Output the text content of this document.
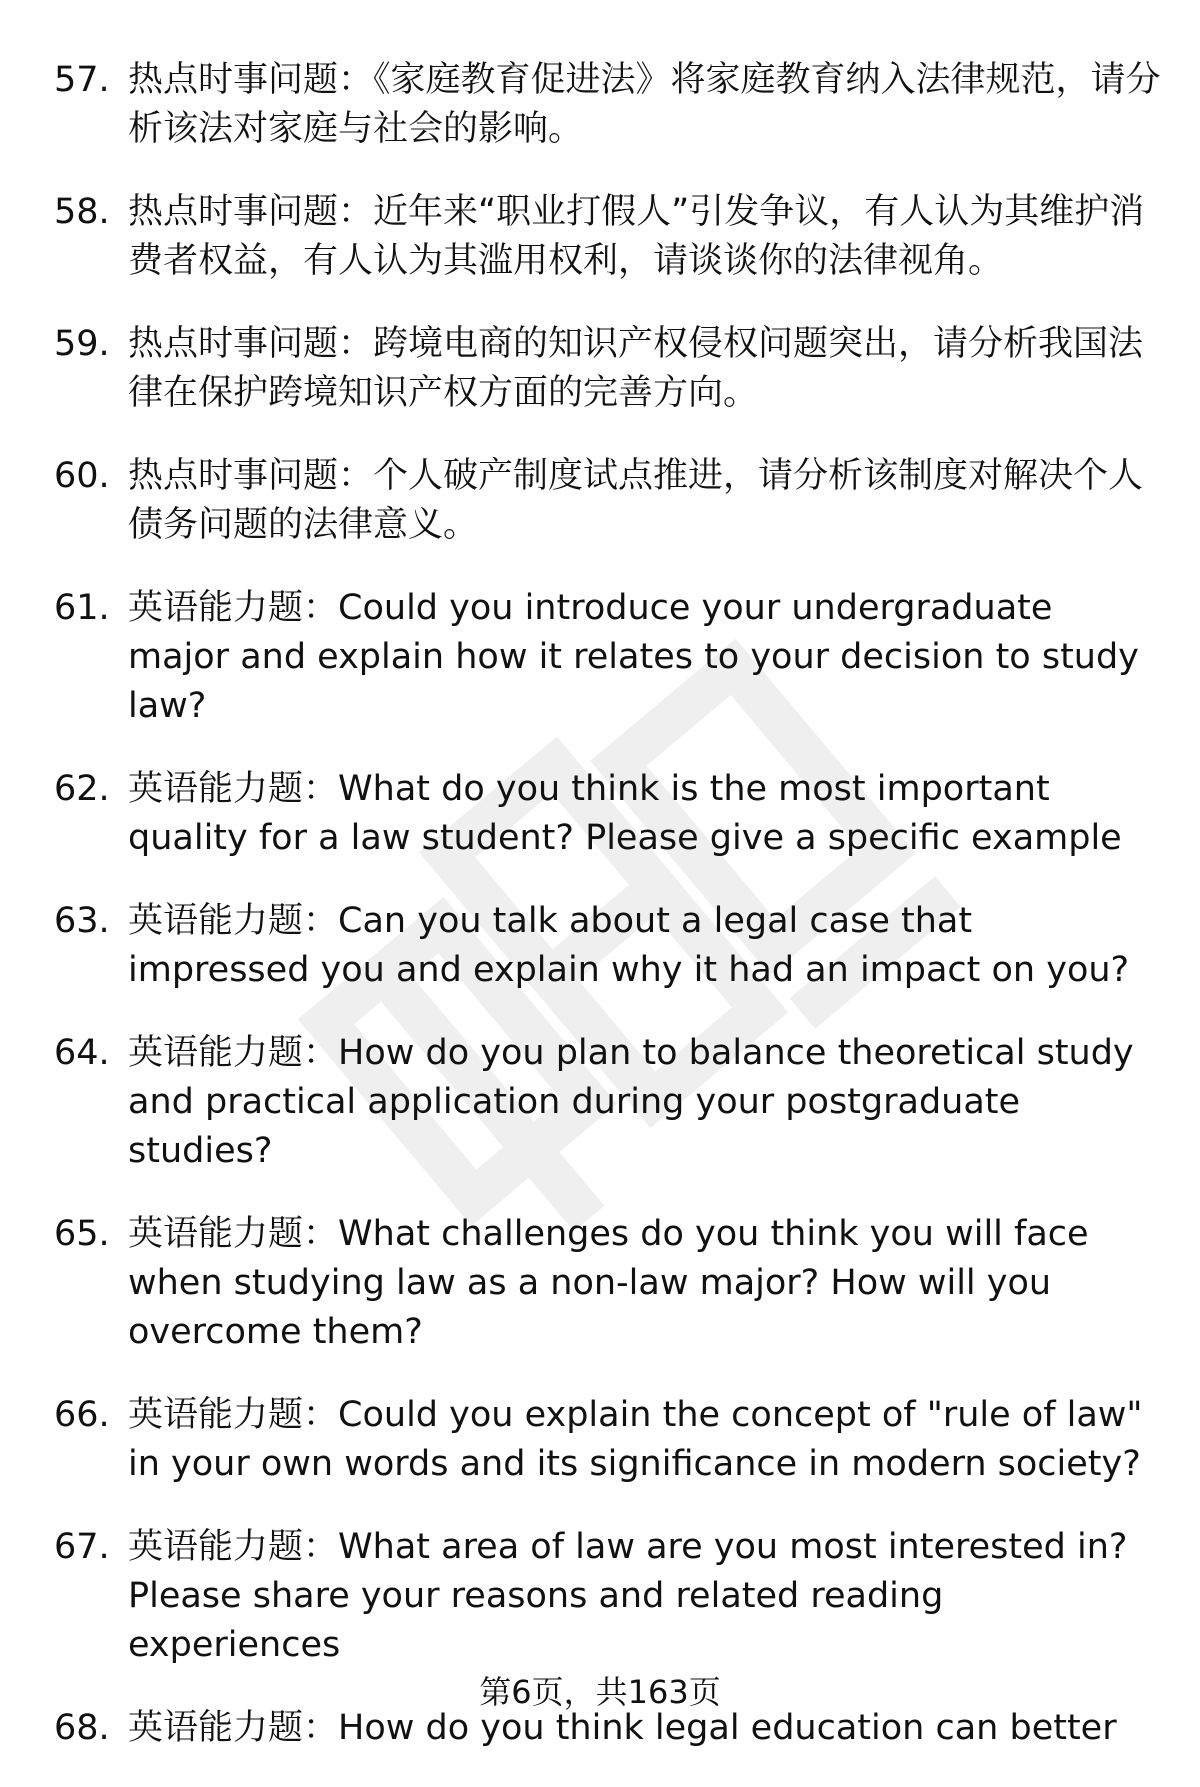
57. 热点时事问题：《家庭教育促进法》将家庭教育纳入法律规范，请分析该法对家庭与社会的影响。
58. 热点时事问题：近年来“职业打假人”引发争议，有人认为其维护消费者权益，有人认为其滥用权利，请谈谈你的法律视角。
59. 热点时事问题：跨境电商的知识产权侵权问题突出，请分析我国法律在保护跨境知识产权方面的完善方向。
60. 热点时事问题：个人破产制度试点推进，请分析该制度对解决个人债务问题的法律意义。
61. 英语能力题：Could you introduce your undergraduate major and explain how it relates to your decision to study law?
62. 英语能力题：What do you think is the most important quality for a law student? Please give a specific example
63. 英语能力题：Can you talk about a legal case that impressed you and explain why it had an impact on you?
64. 英语能力题：How do you plan to balance theoretical study and practical application during your postgraduate studies?
65. 英语能力题：What challenges do you think you will face when studying law as a non-law major? How will you overcome them?
66. 英语能力题：Could you explain the concept of "rule of law" in your own words and its significance in modern society?
67. 英语能力题：What area of law are you most interested in? Please share your reasons and related reading experiences
68. 英语能力题：How do you think legal education can better
第6页，共163页
